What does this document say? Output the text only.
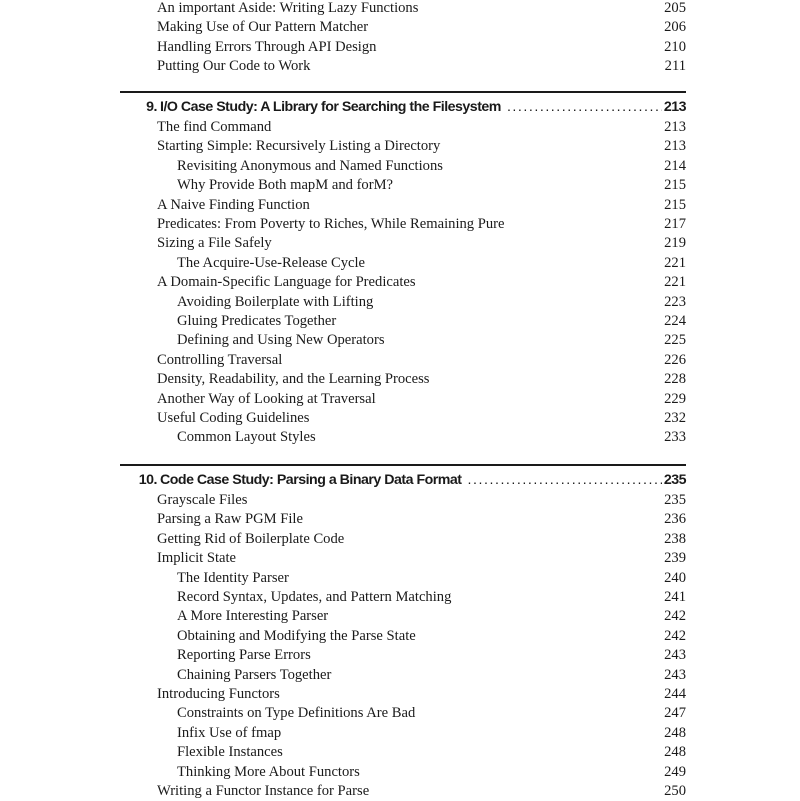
An important Aside: Writing Lazy Functions	205
Making Use of Our Pattern Matcher	206
Handling Errors Through API Design	210
Putting Our Code to Work	211
9. I/O Case Study: A Library for Searching the Filesystem . . .	213
The find Command	213
Starting Simple: Recursively Listing a Directory	213
Revisiting Anonymous and Named Functions	214
Why Provide Both mapM and forM?	215
A Naive Finding Function	215
Predicates: From Poverty to Riches, While Remaining Pure	217
Sizing a File Safely	219
The Acquire-Use-Release Cycle	221
A Domain-Specific Language for Predicates	221
Avoiding Boilerplate with Lifting	223
Gluing Predicates Together	224
Defining and Using New Operators	225
Controlling Traversal	226
Density, Readability, and the Learning Process	228
Another Way of Looking at Traversal	229
Useful Coding Guidelines	232
Common Layout Styles	233
10. Code Case Study: Parsing a Binary Data Format . . .	235
Grayscale Files	235
Parsing a Raw PGM File	236
Getting Rid of Boilerplate Code	238
Implicit State	239
The Identity Parser	240
Record Syntax, Updates, and Pattern Matching	241
A More Interesting Parser	242
Obtaining and Modifying the Parse State	242
Reporting Parse Errors	243
Chaining Parsers Together	243
Introducing Functors	244
Constraints on Type Definitions Are Bad	247
Infix Use of fmap	248
Flexible Instances	248
Thinking More About Functors	249
Writing a Functor Instance for Parse	250
